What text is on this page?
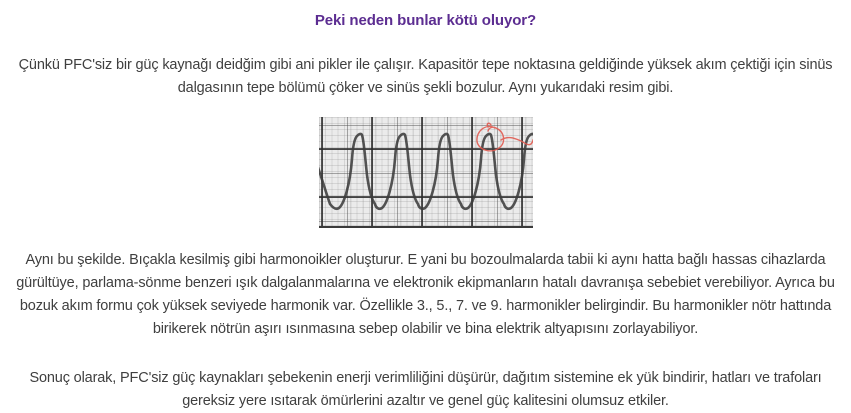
Peki neden bunlar kötü oluyor?

Çünkü PFC'siz bir güç kaynağı deidğim gibi ani pikler ile çalışır. Kapasitör tepe noktasına geldiğinde yüksek akım çektiği için sinüs dalgasının tepe bölümü çöker ve sinüs şekli bozulur. Aynı yukarıdaki resim gibi.

Aynı bu şekilde. Bıçakla kesilmiş gibi harmonoikler oluşturur. E yani bu bozoulmalarda tabii ki aynı hatta bağlı hassas cihazlarda gürültüye, parlama-sönme benzeri ışık dalgalanmalarına ve elektronik ekipmanların hatalı davranışa sebebiet verebiliyor. Ayrıca bu bozuk akım formu çok yüksek seviyede harmonik var. Özellikle 3., 5., 7. ve 9. harmonikler belirgindir. Bu harmonikler nötr hattında birikerek nötrün aşırı ısınmasına sebep olabilir ve bina elektrik altyapısını zorlayabiliyor.

Sonuç olarak, PFC'siz güç kaynakları şebekenin enerji verimliliğini düşürür, dağıtım sistemine ek yük bindirir, hatları ve trafoları gereksiz yere ısıtarak ömürlerini azaltır ve genel güç kalitesini olumsuz etkiler.
